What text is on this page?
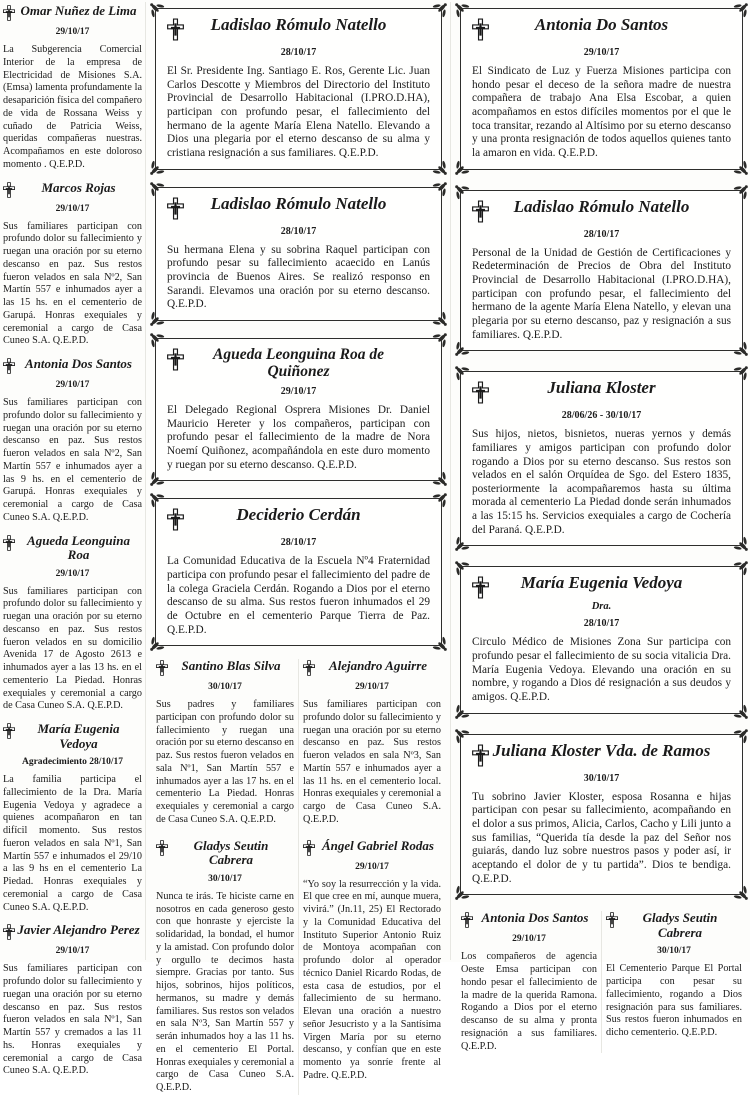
Omar Nuñez de Lima
29/10/17
La Subgerencia Comercial Interior de la empresa de Electricidad de Misiones S.A. (Emsa) lamenta profundamente la desaparición física del compañero de vida de Rossana Weiss y cuñado de Patricia Weiss, queridas compañeras nuestras. Acompañamos en este doloroso momento . Q.E.P.D.
Marcos Rojas
29/10/17
Sus familiares participan con profundo dolor su fallecimiento y ruegan una oración por su eterno descanso en paz. Sus restos fueron velados en sala Nº2, San Martín 557 e inhumados ayer a las 15 hs. en el cementerio de Garupá. Honras exequiales y ceremonial a cargo de Casa Cuneo S.A. Q.E.P.D.
Antonia Dos Santos
29/10/17
Sus familiares participan con profundo dolor su fallecimiento y ruegan una oración por su eterno descanso en paz. Sus restos fueron velados en sala Nº2, San Martín 557 e inhumados ayer a las 9 hs. en el cementerio de Garupá. Honras exequiales y ceremonial a cargo de Casa Cuneo S.A. Q.E.P.D.
Agueda Leonguina Roa
29/10/17
Sus familiares participan con profundo dolor su fallecimiento y ruegan una oración por su eterno descanso en paz. Sus restos fueron velados en su domicilio Avenida 17 de Agosto 2613 e inhumados ayer a las 13 hs. en el cementerio La Piedad. Honras exequiales y ceremonial a cargo de Casa Cuneo S.A. Q.E.P.D.
María Eugenia Vedoya
Agradecimiento 28/10/17
La familia participa el fallecimiento de la Dra. María Eugenia Vedoya y agradece a quienes acompañaron en tan difícil momento. Sus restos fueron velados en sala Nº1, San Martín 557 e inhumados el 29/10 a las 9 hs en el cementerio La Piedad. Honras exequiales y ceremonial a cargo de Casa Cuneo S.A. Q.E.P.D.
Javier Alejandro Perez
29/10/17
Sus familiares participan con profundo dolor su fallecimiento y ruegan una oración por su eterno descanso en paz. Sus restos fueron velados en sala Nº1, San Martín 557 y cremados a las 11 hs. Honras exequiales y ceremonial a cargo de Casa Cuneo S.A. Q.E.P.D.
Ladislao Rómulo Natello
28/10/17
El Sr. Presidente Ing. Santiago E. Ros, Gerente Lic. Juan Carlos Descotte y Miembros del Directorio del Instituto Provincial de Desarrollo Habitacional (I.PRO.D.HA), participan con profundo pesar, el fallecimiento del hermano de la agente María Elena Natello. Elevando a Dios una plegaria por el eterno descanso de su alma y cristiana resignación a sus familiares. Q.E.P.D.
Ladislao Rómulo Natello
28/10/17
Su hermana Elena y su sobrina Raquel participan con profundo pesar su fallecimiento acaecido en Lanús provincia de Buenos Aires. Se realizó responso en Sarandi. Elevamos una oración por su eterno descanso. Q.E.P.D.
Agueda Leonguina Roa de Quiñonez
29/10/17
El Delegado Regional Osprera Misiones Dr. Daniel Mauricio Hereter y los compañeros, participan con profundo pesar el fallecimiento de la madre de Nora Noemí Quiñonez, acompañándola en este duro momento y ruegan por su eterno descanso. Q.E.P.D.
Deciderio Cerdán
28/10/17
La Comunidad Educativa de la Escuela Nº4 Fraternidad participa con profundo pesar el fallecimiento del padre de la colega Graciela Cerdán. Rogando a Dios por el eterno descanso de su alma. Sus restos fueron inhumados el 29 de Octubre en el cementerio Parque Tierra de Paz. Q.E.P.D.
Santino Blas Silva
30/10/17
Sus padres y familiares participan con profundo dolor su fallecimiento y ruegan una oración por su eterno descanso en paz. Sus restos fueron velados en sala Nº1, San Martín 557 e inhumados ayer a las 17 hs. en el cementerio La Piedad. Honras exequiales y ceremonial a cargo de Casa Cuneo S.A. Q.E.P.D.
Gladys Seutin Cabrera
30/10/17
Nunca te irás. Te hiciste carne en nosotros en cada generoso gesto con que honraste y ejerciste la solidaridad, la bondad, el humor y la amistad. Con profundo dolor y orgullo te decimos hasta siempre. Gracias por tanto. Sus hijos, sobrinos, hijos políticos, hermanos, su madre y demás familiares. Sus restos son velados en sala Nº3, San Martín 557 y serán inhumados hoy a las 11 hs. en el cementerio El Portal. Honras exequiales y ceremonial a cargo de Casa Cuneo S.A. Q.E.P.D.
Alejandro Aguirre
29/10/17
Sus familiares participan con profundo dolor su fallecimiento y ruegan una oración por su eterno descanso en paz. Sus restos fueron velados en sala Nº3, San Martín 557 e inhumados ayer a las 11 hs. en el cementerio local. Honras exequiales y ceremonial a cargo de Casa Cuneo S.A. Q.E.P.D.
Ángel Gabriel Rodas
29/10/17
“Yo soy la resurrección y la vida. El que cree en mí, aunque muera, vivirá.” (Jn.11, 25) El Rectorado y la Comunidad Educativa del Instituto Superior Antonio Ruiz de Montoya acompañan con profundo dolor al operador técnico Daniel Ricardo Rodas, de esta casa de estudios, por el fallecimiento de su hermano. Elevan una oración a nuestro señor Jesucristo y a la Santísima Virgen María por su eterno descanso, y confían que en este momento ya sonríe frente al Padre. Q.E.P.D.
Antonia Do Santos
29/10/17
El Sindicato de Luz y Fuerza Misiones participa con hondo pesar el deceso de la señora madre de nuestra compañera de trabajo Ana Elsa Escobar, a quien acompañamos en estos difíciles momentos por el que le toca transitar, rezando al Altísimo por su eterno descanso y una pronta resignación de todos aquellos quienes tanto la amaron en vida. Q.E.P.D.
Ladislao Rómulo Natello
28/10/17
Personal de la Unidad de Gestión de Certificaciones y Redeterminación de Precios de Obra del Instituto Provincial de Desarrollo Habitacional (I.PRO.D.HA), participan con profundo pesar, el fallecimiento del hermano de la agente María Elena Natello, y elevan una plegaria por su eterno descanso, paz y resignación a sus familiares. Q.E.P.D.
Juliana Kloster
28/06/26 - 30/10/17
Sus hijos, nietos, bisnietos, nueras yernos y demás familiares y amigos participan con profundo dolor rogando a Dios por su eterno descanso. Sus restos son velados en el salón Orquídea de Sgo. del Estero 1835, posteriormente la acompañaremos hasta su última morada al cementerio La Piedad donde serán inhumados a las 15:15 hs. Servicios exequiales a cargo de Cochería del Paraná. Q.E.P.D.
María Eugenia Vedoya
Dra.
28/10/17
Circulo Médico de Misiones Zona Sur participa con profundo pesar el fallecimiento de su socia vitalicia Dra. María Eugenia Vedoya. Elevando una oración en su nombre, y rogando a Dios dé resignación a sus deudos y amigos. Q.E.P.D.
Juliana Kloster Vda. de Ramos
30/10/17
Tu sobrino Javier Kloster, esposa Rosanna e hijas participan con pesar su fallecimiento, acompañando en el dolor a sus primos, Alicia, Carlos, Cacho y Lili junto a sus familias, “Querida tía desde la paz del Señor nos guiarás, dando luz sobre nuestros pasos y poder así, ir aceptando el dolor de y tu partida”. Dios te bendiga. Q.E.P.D.
Antonia Dos Santos
29/10/17
Los compañeros de agencia Oeste Emsa participan con hondo pesar el fallecimiento de la madre de la querida Ramona. Rogando a Dios por el eterno descanso de su alma y pronta resignación a sus familiares. Q.E.P.D.
Gladys Seutin Cabrera
30/10/17
El Cementerio Parque El Portal participa con pesar su fallecimiento, rogando a Dios resignación para sus familiares. Sus restos fueron inhumados en dicho cementerio. Q.E.P.D.
